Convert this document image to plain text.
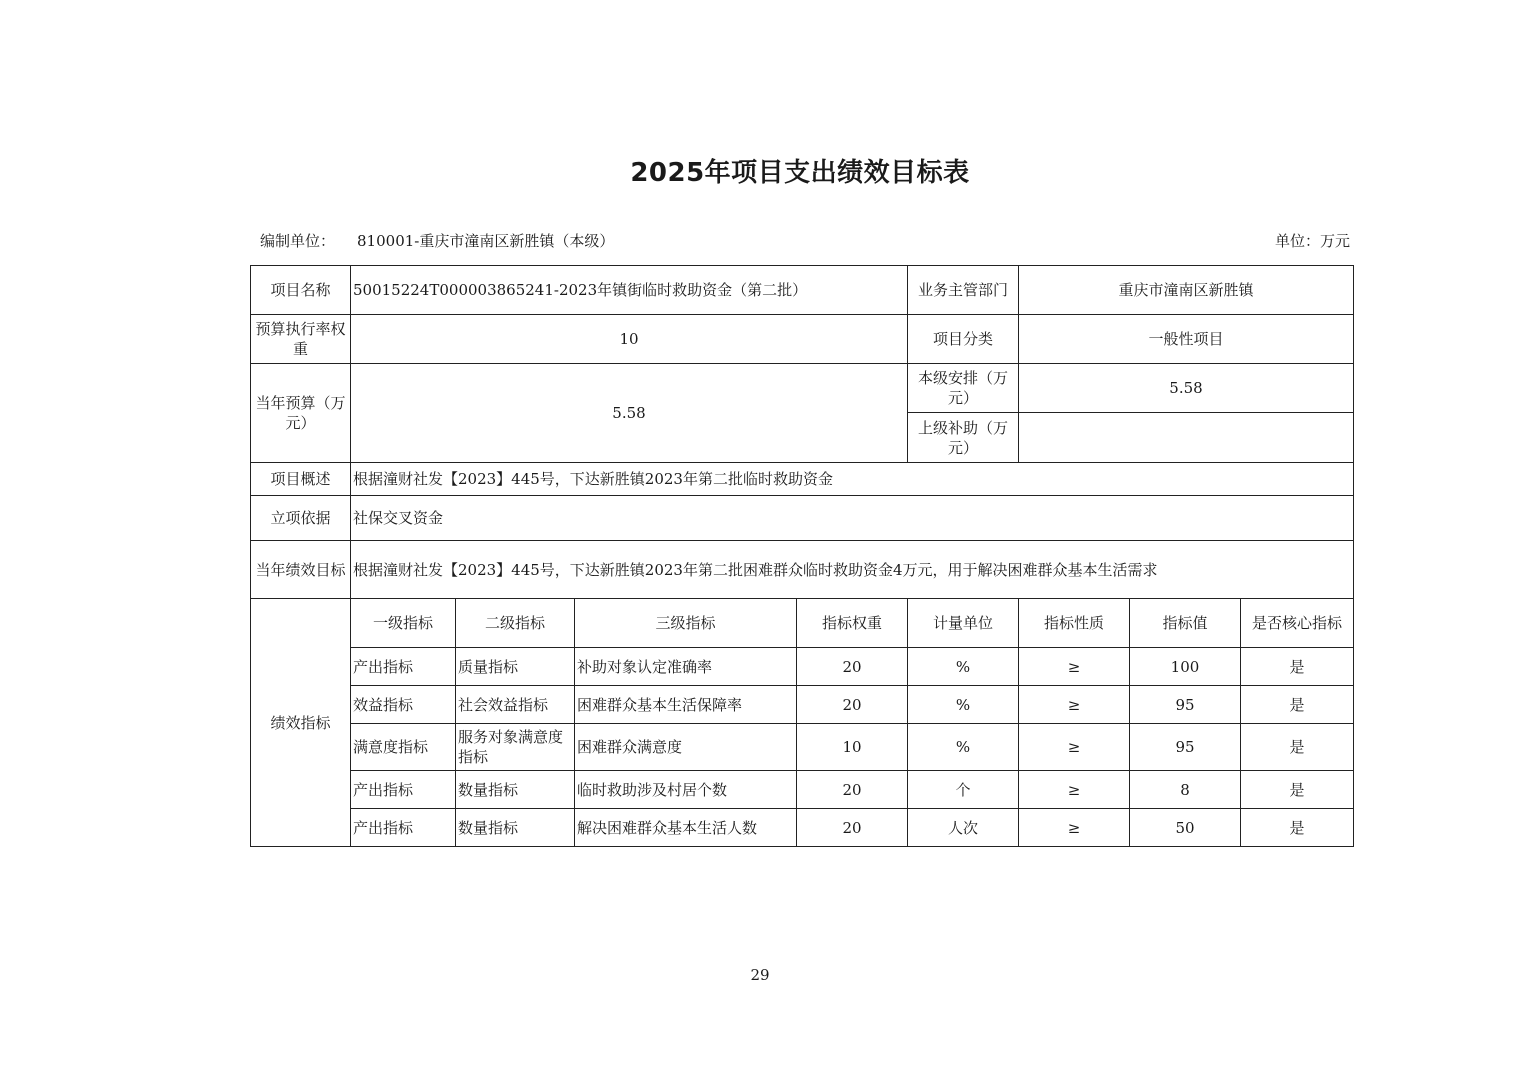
2025年项目支出绩效目标表
编制单位： 810001-重庆市潼南区新胜镇（本级）	单位：万元
项目名称	50015224T000003865241-2023年镇街临时救助资金（第二批）				业务主管部门	重庆市潼南区新胜镇		
预算执行率权重	10				项目分类	一般性项目		
当年预算（万元）	5.58				本级安排（万元）	5.58		
					上级补助（万元）			
项目概述	根据潼财社发【2023】445号，下达新胜镇2023年第二批临时救助资金							
立项依据	社保交叉资金							
当年绩效目标	根据潼财社发【2023】445号，下达新胜镇2023年第二批困难群众临时救助资金4万元，用于解决困难群众基本生活需求							
绩效指标	一级指标	二级指标	三级指标	指标权重	计量单位	指标性质	指标值	是否核心指标
	产出指标	质量指标	补助对象认定准确率	20	%	≥	100	是
	效益指标	社会效益指标	困难群众基本生活保障率	20	%	≥	95	是
	满意度指标	服务对象满意度指标	困难群众满意度	10	%	≥	95	是
	产出指标	数量指标	临时救助涉及村居个数	20	个	≥	8	是
	产出指标	数量指标	解决困难群众基本生活人数	20	人次	≥	50	是
29
